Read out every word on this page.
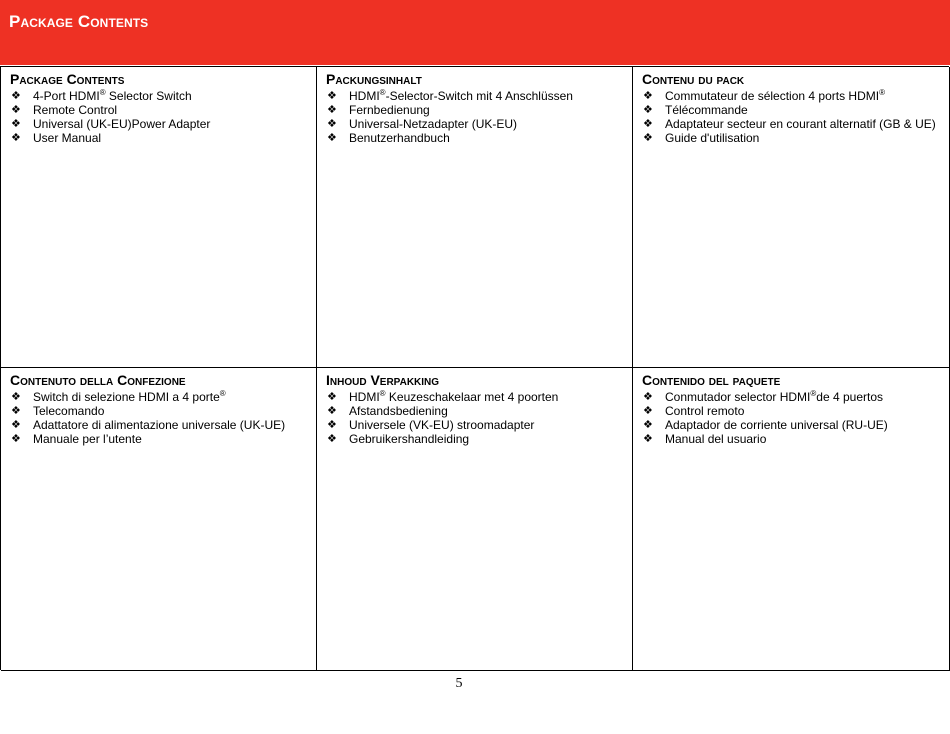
Package Contents
Package Contents
❖	4-Port HDMI® Selector Switch
❖	Remote Control
❖	Universal (UK-EU)Power Adapter
❖	User Manual
Packungsinhalt
❖	HDMI®-Selector-Switch mit 4 Anschlüssen
❖	Fernbedienung
❖	Universal-Netzadapter (UK-EU)
❖	Benutzerhandbuch
Contenu du pack
❖	Commutateur de sélection 4 ports HDMI®
❖	Télécommande
❖	Adaptateur secteur en courant alternatif (GB & UE)
❖	Guide d'utilisation
Contenuto della Confezione
❖	Switch di selezione HDMI a 4 porte®
❖	Telecomando
❖	Adattatore di alimentazione universale (UK-UE)
❖	Manuale per l’utente
Inhoud Verpakking
❖	HDMI® Keuzeschakelaar met 4 poorten
❖	Afstandsbediening
❖	Universele (VK-EU) stroomadapter
❖	Gebruikershandleiding
Contenido del paquete
❖	Conmutador selector HDMI®de 4 puertos
❖	Control remoto
❖	Adaptador de corriente universal (RU-UE)
❖	Manual del usuario
5
